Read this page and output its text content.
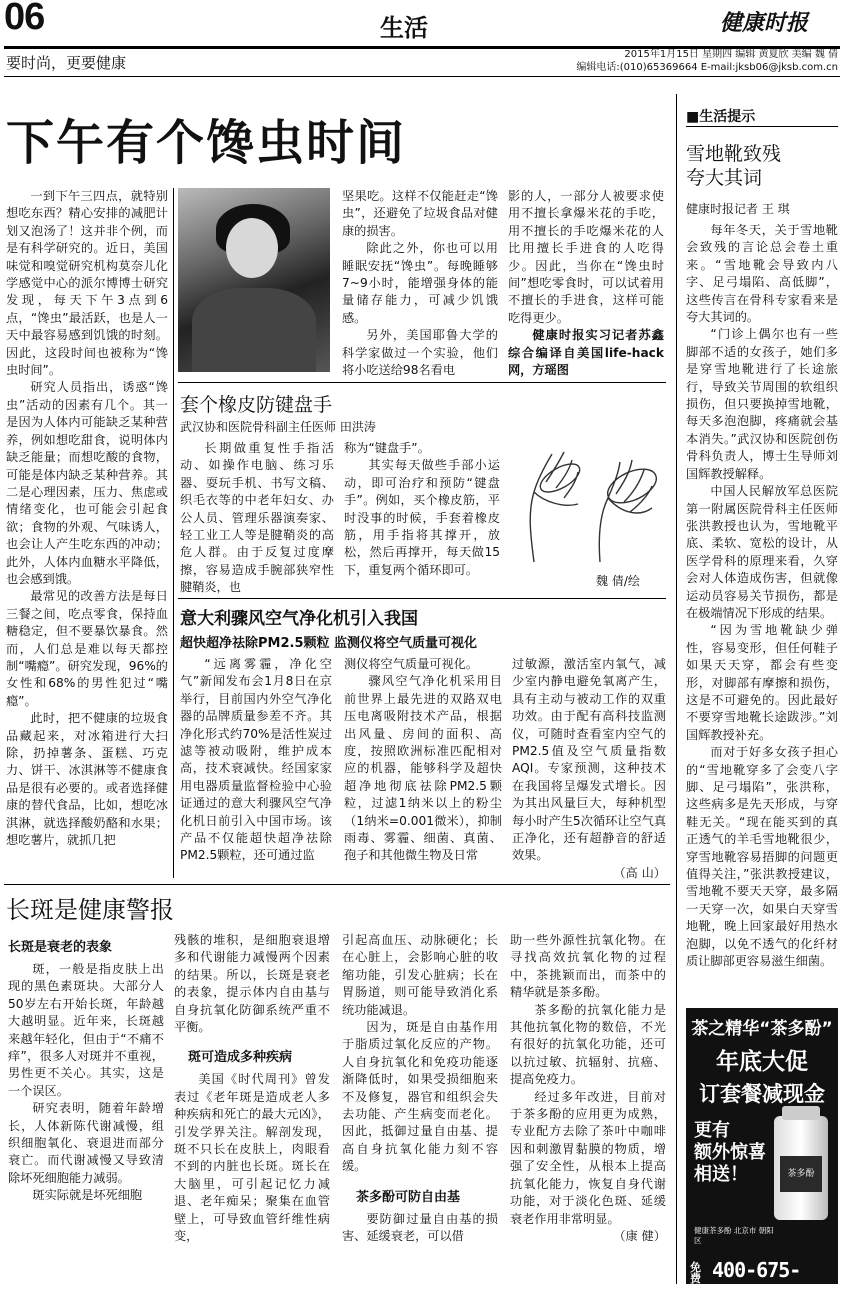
06	生活	健康时报
要时尚，更要健康	2015年1月15日 星期四 编辑 黄夏欣 美编 魏 倩
编辑电话:(010)65369664 E-mail:jksb06@jksb.com.cn
下午有个馋虫时间

一到下午三四点，就特别想吃东西？精心安排的减肥计划又泡汤了！这并非个例，而是有科学研究的。近日，美国味觉和嗅觉研究机构莫奈儿化学感觉中心的派尔博博士研究发现，每天下午3点到6点，“馋虫”最活跃，也是人一天中最容易感到饥饿的时刻。因此，这段时间也被称为“馋虫时间”。

研究人员指出，诱惑“馋虫”活动的因素有几个。其一是因为人体内可能缺乏某种营养，例如想吃甜食，说明体内缺乏能量；而想吃酸的食物，可能是体内缺乏某种营养。其二是心理因素，压力、焦虑或情绪变化，也可能会引起食欲；食物的外观、气味诱人，也会让人产生吃东西的冲动；此外，人体内血糖水平降低，也会感到饿。

最常见的改善方法是每日三餐之间，吃点零食，保持血糖稳定，但不要暴饮暴食。然而，人们总是难以每天都控制“嘴瘾”。研究发现，96%的女性和68%的男性犯过“嘴瘾”。

此时，把不健康的垃圾食品藏起来，对冰箱进行大扫除，扔掉薯条、蛋糕、巧克力、饼干、冰淇淋等不健康食品是很有必要的。或者选择健康的替代食品，比如，想吃冰淇淋，就选择酸奶酪和水果；想吃薯片，就抓几把

坚果吃。这样不仅能赶走“馋虫”，还避免了垃圾食品对健康的损害。

除此之外，你也可以用睡眠安抚“馋虫”。每晚睡够7~9小时，能增强身体的能量储存能力，可减少饥饿感。

另外，美国耶鲁大学的科学家做过一个实验，他们将小吃送给98名看电

影的人，一部分人被要求使用不擅长拿爆米花的手吃，用不擅长的手吃爆米花的人比用擅长手进食的人吃得少。因此，当你在“馋虫时间”想吃零食时，可以试着用不擅长的手进食，这样可能吃得更少。

健康时报实习记者苏鑫综合编译自美国life-hack网，方瑶图

套个橡皮防键盘手
武汉协和医院骨科副主任医师 田洪涛

长期做重复性手指活动、如操作电脑、练习乐器、耍玩手机、书写文稿、织毛衣等的中老年妇女、办公人员、管理乐器演奏家、轻工业工人等是腱鞘炎的高危人群。由于反复过度摩擦，容易造成手腕部狭窄性腱鞘炎，也

称为“键盘手”。

其实每天做些手部小运动，即可治疗和预防“键盘手”。例如，买个橡皮筋，平时没事的时候，手套着橡皮筋，用手指将其撑开，放松，然后再撑开，每天做15下，重复两个循环即可。

魏 倩/绘
意大利骤风空气净化机引入我国
超快超净祛除PM2.5颗粒 监测仪将空气质量可视化

“远离雾霾，净化空气”新闻发布会1月8日在京举行，目前国内外空气净化器的品牌质量参差不齐。其净化形式约70%是活性炭过滤等被动吸附，维护成本高，技术衰减快。经国家家用电器质量监督检验中心验证通过的意大利骤风空气净化机日前引入中国市场。该产品不仅能超快超净祛除PM2.5颗粒，还可通过监

测仪将空气质量可视化。

骤风空气净化机采用目前世界上最先进的双路双电压电离吸附技术产品，根据出风量、房间的面积、高度，按照欧洲标准匹配相对应的机器，能够科学及超快超净地彻底祛除PM2.5颗粒，过滤1纳米以上的粉尘（1纳米=0.001微米），抑制雨毒、雾霾、细菌、真菌、孢子和其他微生物及日常

过敏源，激活室内氧气，减少室内静电避免氧离产生，具有主动与被动工作的双重功效。由于配有高科技监测仪，可随时查看室内空气的PM2.5值及空气质量指数AQI。专家预测，这种技术在我国将呈爆发式增长。因为其出风量巨大，每种机型每小时产生5次循环让空气真正净化，还有超静音的舒适效果。

（高 山）

长斑是健康警报
长斑是衰老的表象

斑，一般是指皮肤上出现的黑色素斑块。大部分人50岁左右开始长斑，年龄越大越明显。近年来，长斑越来越年轻化，但由于“不痛不痒”，很多人对斑并不重视，男性更不关心。其实，这是一个误区。

研究表明，随着年龄增长，人体新陈代谢减慢，组织细胞氧化、衰退进而部分衰亡。而代谢减慢又导致清除坏死细胞能力减弱。

斑实际就是坏死细胞

残骸的堆积，是细胞衰退增多和代谢能力减慢两个因素的结果。所以，长斑是衰老的表象，提示体内自由基与自身抗氧化防御系统严重不平衡。

斑可造成多种疾病

美国《时代周刊》曾发表过《老年斑是造成老人多种疾病和死亡的最大元凶》，引发学界关注。解剖发现，斑不只长在皮肤上，肉眼看不到的内脏也长斑。斑长在大脑里，可引起记忆力减退、老年痴呆；聚集在血管壁上，可导致血管纤维性病变，

引起高血压、动脉硬化；长在心脏上，会影响心脏的收缩功能，引发心脏病；长在胃肠道，则可能导致消化系统功能减退。

因为，斑是自由基作用于脂质过氧化反应的产物。人自身抗氧化和免疫功能逐渐降低时，如果受损细胞来不及修复，器官和组织会失去功能、产生病变而老化。因此，抵御过量自由基、提高自身抗氧化能力刻不容缓。

茶多酚可防自由基

要防御过量自由基的损害、延缓衰老，可以借

助一些外源性抗氧化物。在寻找高效抗氧化物的过程中，茶挑颖而出，而茶中的精华就是茶多酚。

茶多酚的抗氧化能力是其他抗氧化物的数倍，不光有很好的抗氧化功能，还可以抗过敏、抗辐射、抗癌、提高免疫力。

经过多年改进，目前对于茶多酚的应用更为成熟，专业配方去除了茶叶中咖啡因和刺激胃黏膜的物质，增强了安全性，从根本上提高抗氧化能力，恢复自身代谢功能，对于淡化色斑、延缓衰老作用非常明显。

（康 健）

■生活提示
雪地靴致残
夸大其词
健康时报记者 王 琪

每年冬天，关于雪地靴会致残的言论总会卷土重来。“雪地靴会导致内八字、足弓塌陷、高低脚”，这些传言在骨科专家看来是夸大其词的。

“门诊上偶尔也有一些脚部不适的女孩子，她们多是穿雪地靴进行了长途旅行，导致关节周围的软组织损伤，但只要换掉雪地靴，每天多泡泡脚，疼痛就会基本消失。”武汉协和医院创伤骨科负责人，博士生导师刘国辉教授解释。

中国人民解放军总医院第一附属医院骨科主任医师张洪教授也认为，雪地靴平底、柔软、宽松的设计，从医学骨科的原理来看，久穿会对人体造成伤害，但就像运动员容易关节损伤，都是在极端情况下形成的结果。

“因为雪地靴缺少弹性，容易变形，但任何鞋子如果天天穿，都会有些变形，对脚部有摩擦和损伤，这是不可避免的。因此最好不要穿雪地靴长途跋涉。”刘国辉教授补充。

而对于好多女孩子担心的“雪地靴穿多了会变八字脚、足弓塌陷”，张洪称，这些病多是先天形成，与穿鞋无关。“现在能买到的真正透气的羊毛雪地靴很少，穿雪地靴容易捂脚的问题更值得关注，”张洪教授建议，雪地靴不要天天穿，最多隔一天穿一次，如果白天穿雪地靴，晚上回家最好用热水泡脚，以免不透气的化纤材质让脚部更容易滋生细菌。

茶之精华“茶多酚”
年底大促
订套餐减现金
更有
额外惊喜
相送！	茶多酚
健康茶多酚 北京市 朝阳区
免费热线
400-675-8228
